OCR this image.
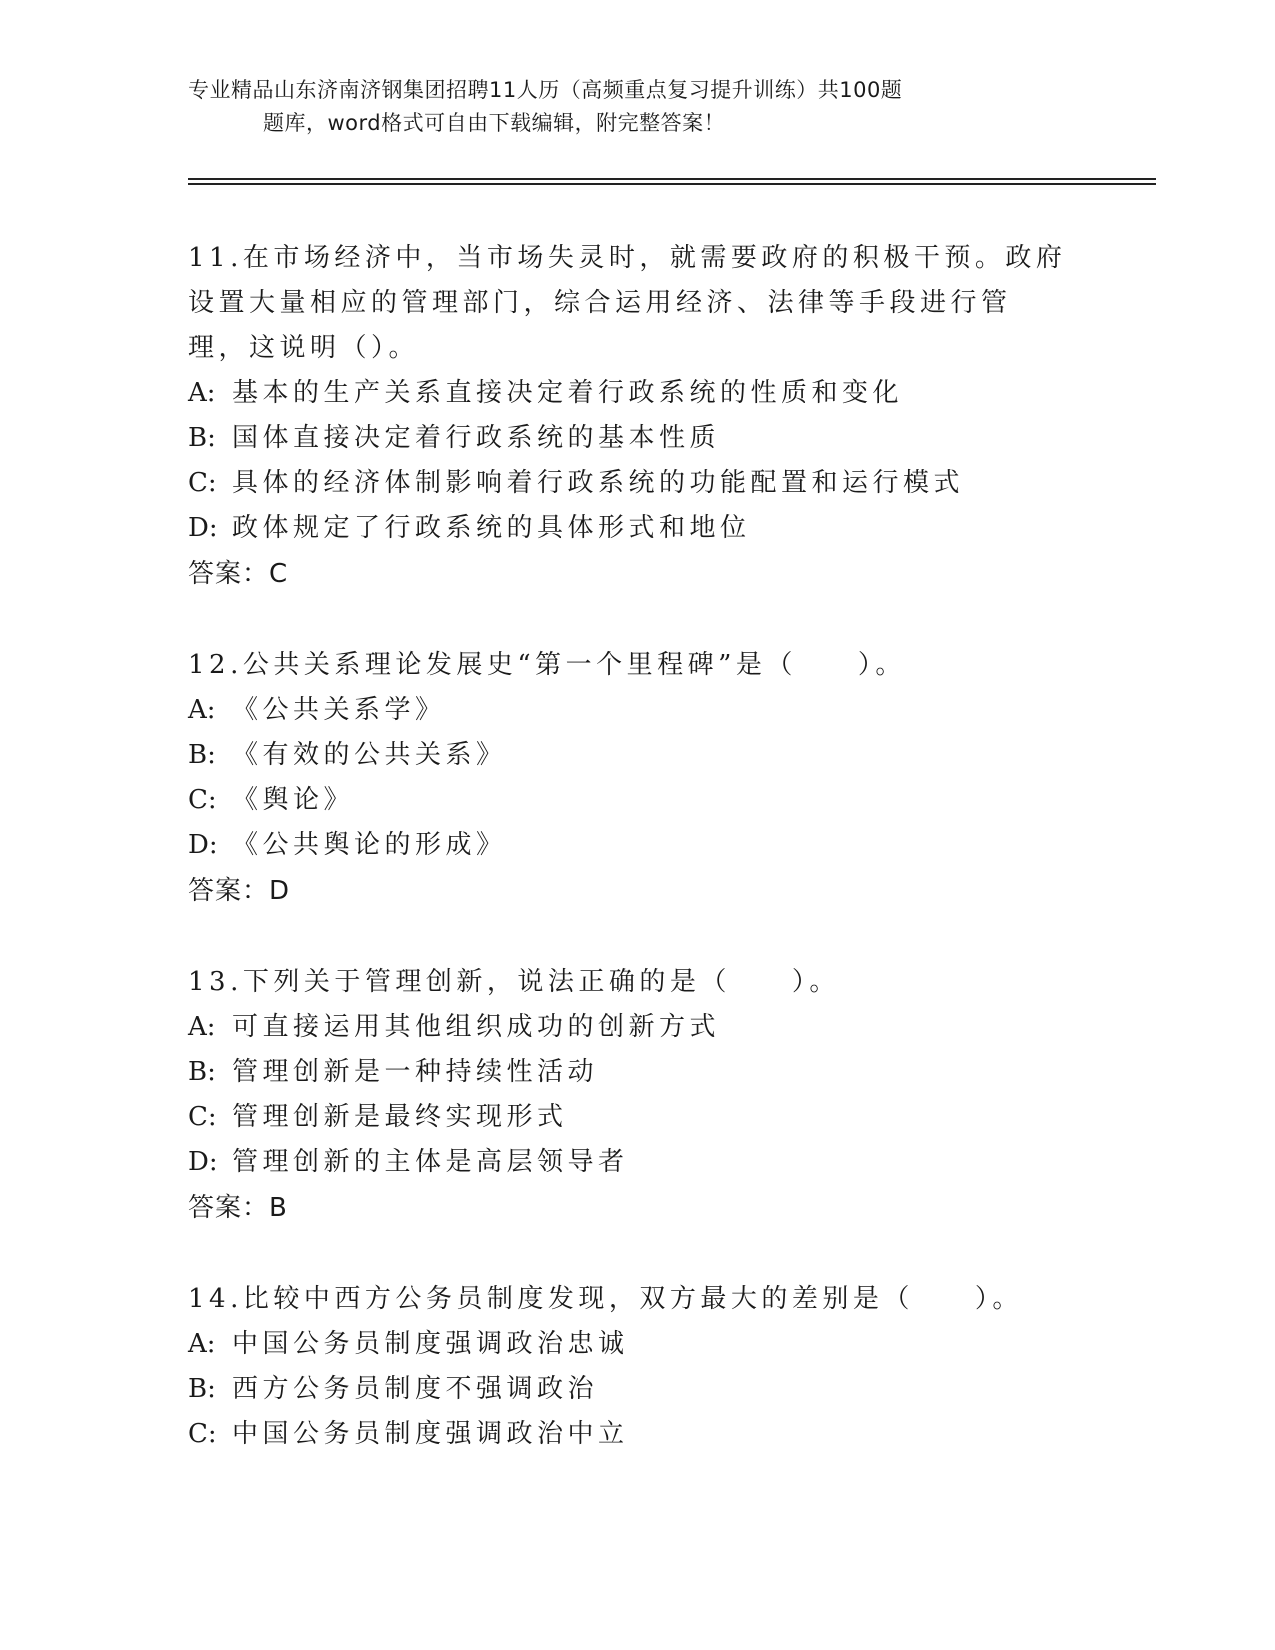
专业精品山东济南济钢集团招聘11人历（高频重点复习提升训练）共100题
题库，word格式可自由下载编辑，附完整答案！

11.在市场经济中，当市场失灵时，就需要政府的积极干预。政府设置大量相应的管理部门，综合运用经济、法律等手段进行管理，这说明（）。

A: 基本的生产关系直接决定着行政系统的性质和变化
B: 国体直接决定着行政系统的基本性质
C: 具体的经济体制影响着行政系统的功能配置和运行模式
D: 政体规定了行政系统的具体形式和地位
答案：C

12.公共关系理论发展史“第一个里程碑”是（　　）。

A: 《公共关系学》
B: 《有效的公共关系》
C: 《舆论》
D: 《公共舆论的形成》
答案：D

13.下列关于管理创新，说法正确的是（　　）。

A: 可直接运用其他组织成功的创新方式
B: 管理创新是一种持续性活动
C: 管理创新是最终实现形式
D: 管理创新的主体是高层领导者
答案：B

14.比较中西方公务员制度发现，双方最大的差别是（　　）。

A: 中国公务员制度强调政治忠诚
B: 西方公务员制度不强调政治
C: 中国公务员制度强调政治中立
